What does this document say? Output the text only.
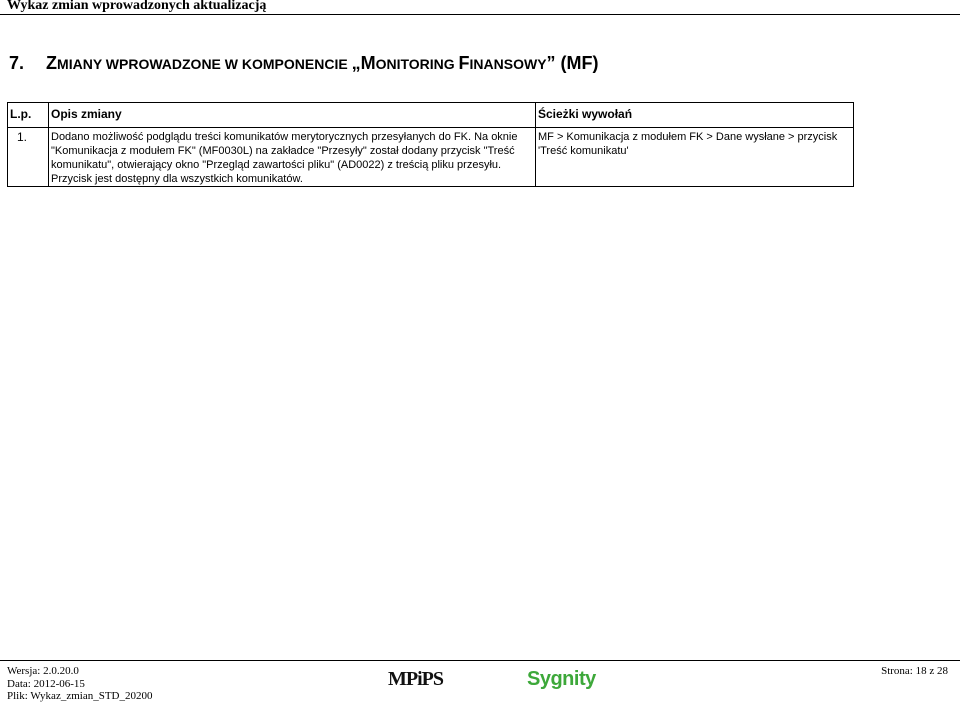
Wykaz zmian wprowadzonych aktualizacją
7. ZMIANY WPROWADZONE W KOMPONENCIE „MONITORING FINANSOWY” (MF)
L.p.	Opis zmiany	Ścieżki wywołań
1.	Dodano możliwość podglądu treści komunikatów merytorycznych przesyłanych do FK. Na oknie "Komunikacja z modułem FK" (MF0030L) na zakładce "Przesyły" został dodany przycisk "Treść komunikatu", otwierający okno "Przegląd zawartości pliku" (AD0022) z treścią pliku przesyłu. Przycisk jest dostępny dla wszystkich komunikatów.	MF > Komunikacja z modułem FK > Dane wysłane > przycisk 'Treść komunikatu'
Wersja: 2.0.20.0
Data: 2012-06-15
Plik: Wykaz_zmian_STD_20200
MPiPS	Sygnity	Strona: 18 z 28
